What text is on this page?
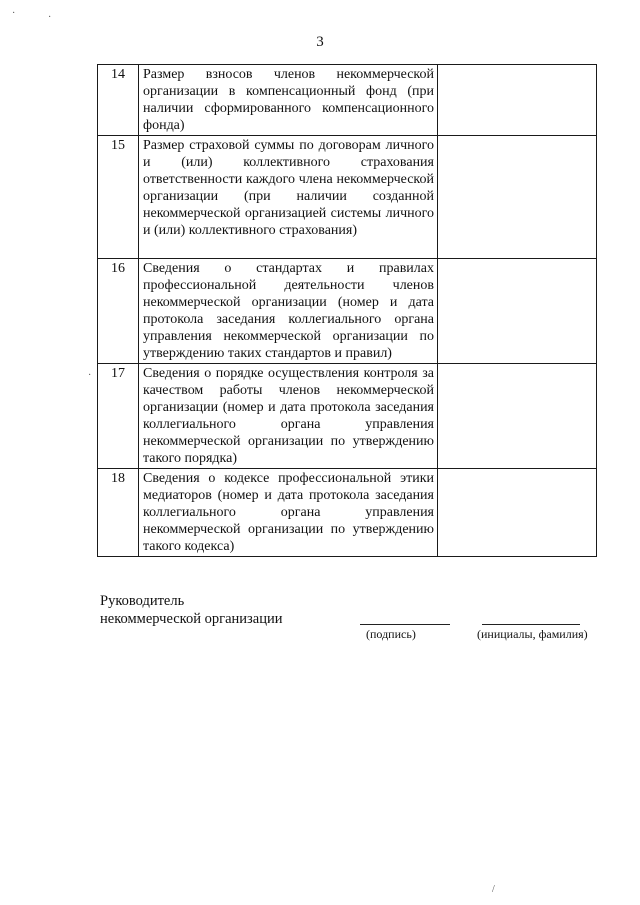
·	·
·
/
3
14	Размер взносов членов некоммерческой организации в компенсационный фонд (при наличии сформированного компенсационного фонда)	
15	Размер страховой суммы по договорам личного и (или) коллективного страхования ответственности каждого члена некоммерческой организации (при наличии созданной некоммерческой организацией системы личного и (или) коллективного страхования)	
16	Сведения о стандартах и правилах профессиональной деятельности членов некоммерческой организации (номер и дата протокола заседания коллегиального органа управления некоммерческой организации по утверждению таких стандартов и правил)	
17	Сведения о порядке осуществления контроля за качеством работы членов некоммерческой организации (номер и дата протокола заседания коллегиального органа управления некоммерческой организации по утверждению такого порядка)	
18	Сведения о кодексе профессиональной этики медиаторов (номер и дата протокола заседания коллегиального органа управления некоммерческой организации по утверждению такого кодекса)	
Руководитель
некоммерческой организации
(подпись)	(инициалы, фамилия)
